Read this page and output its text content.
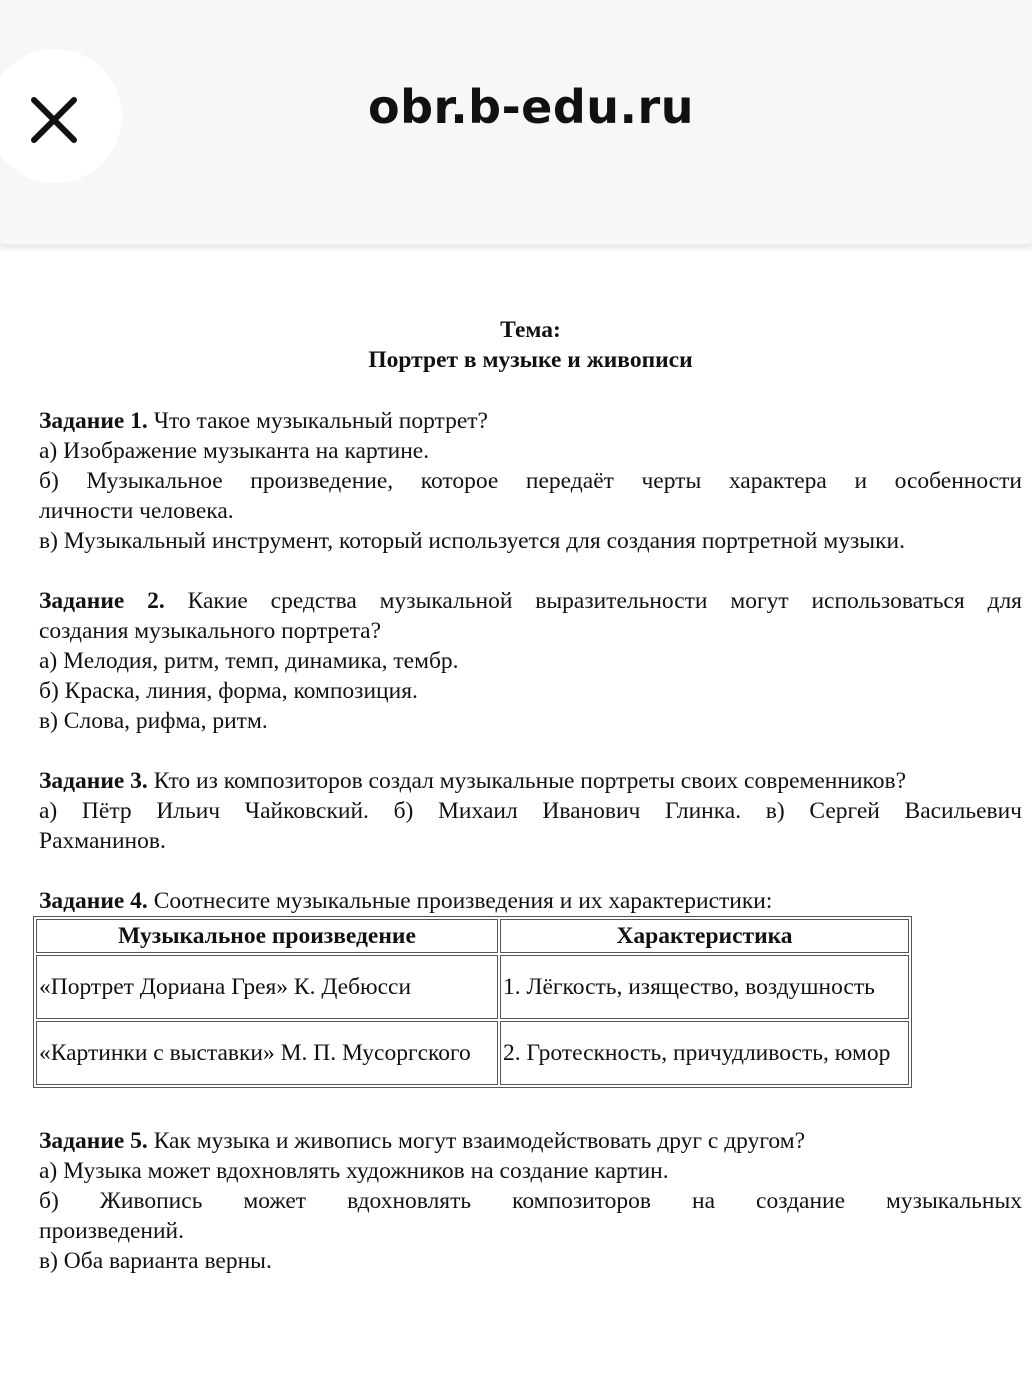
obr.b-edu.ru
Тема:
Портрет в музыке и живописи
Задание 1. Что такое музыкальный портрет?
а) Изображение музыканта на картине.
б) Музыкальное произведение, которое передаёт черты характера и особенности
личности человека.
в) Музыкальный инструмент, который используется для создания портретной музыки.
Задание 2. Какие средства музыкальной выразительности могут использоваться для
создания музыкального портрета?
а) Мелодия, ритм, темп, динамика, тембр.
б) Краска, линия, форма, композиция.
в) Слова, рифма, ритм.
Задание 3. Кто из композиторов создал музыкальные портреты своих современников?
а) Пётр Ильич Чайковский. б) Михаил Иванович Глинка. в) Сергей Васильевич
Рахманинов.
Задание 4. Соотнесите музыкальные произведения и их характеристики:
Музыкальное произведение	Характеристика
«Портрет Дориана Грея» К. Дебюсси	1. Лёгкость, изящество, воздушность
«Картинки с выставки» М. П. Мусоргского	2. Гротескность, причудливость, юмор
Задание 5. Как музыка и живопись могут взаимодействовать друг с другом?
а) Музыка может вдохновлять художников на создание картин.
б) Живопись может вдохновлять композиторов на создание музыкальных
произведений.
в) Оба варианта верны.
